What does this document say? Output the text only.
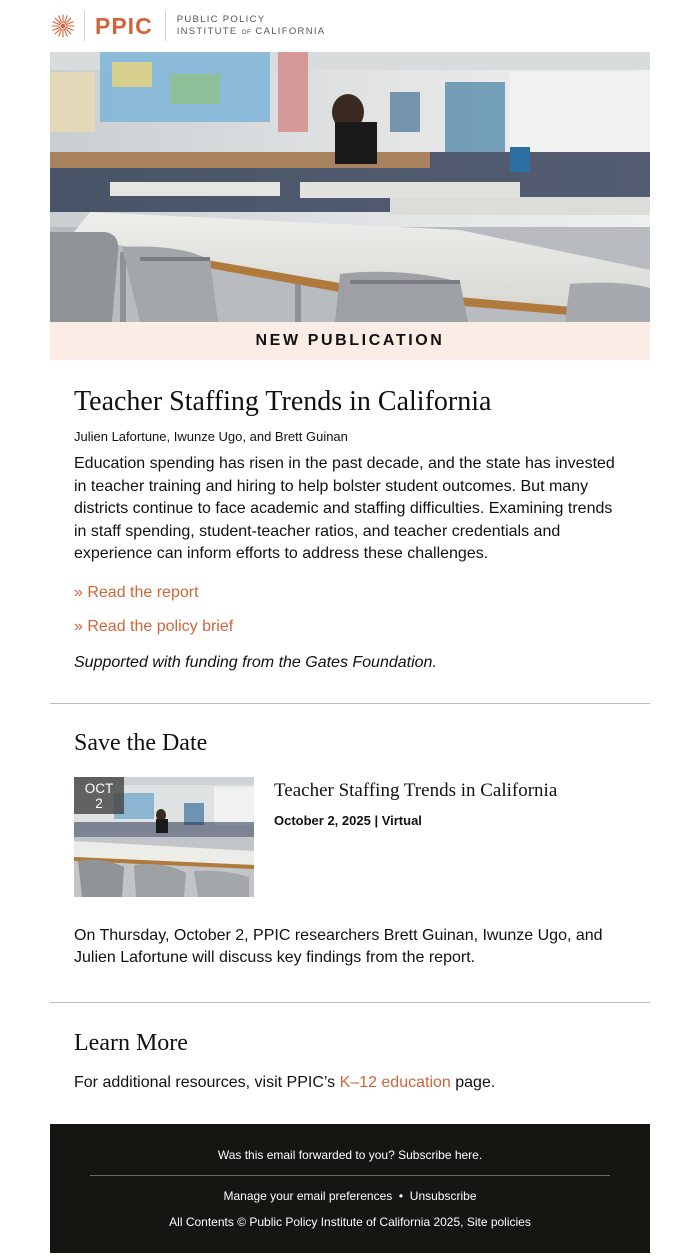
PPIC	PUBLIC POLICY
INSTITUTE OF CALIFORNIA
NEW PUBLICATION
Teacher Staffing Trends in California
Julien Lafortune, Iwunze Ugo, and Brett Guinan

Education spending has risen in the past decade, and the state has invested in teacher training and hiring to help bolster student outcomes. But many districts continue to face academic and staffing difficulties. Examining trends in staff spending, student-teacher ratios, and teacher credentials and experience can inform efforts to address these challenges.

» Read the report
» Read the policy brief

Supported with funding from the Gates Foundation.

Save the Date
OCT
2
Teacher Staffing Trends in California
October 2, 2025 | Virtual

On Thursday, October 2, PPIC researchers Brett Guinan, Iwunze Ugo, and Julien Lafortune will discuss key findings from the report.

Learn More

For additional resources, visit PPIC’s K–12 education page.

Was this email forwarded to you? Subscribe here.
Manage your email preferences • Unsubscribe
All Contents © Public Policy Institute of California 2025, Site policies
